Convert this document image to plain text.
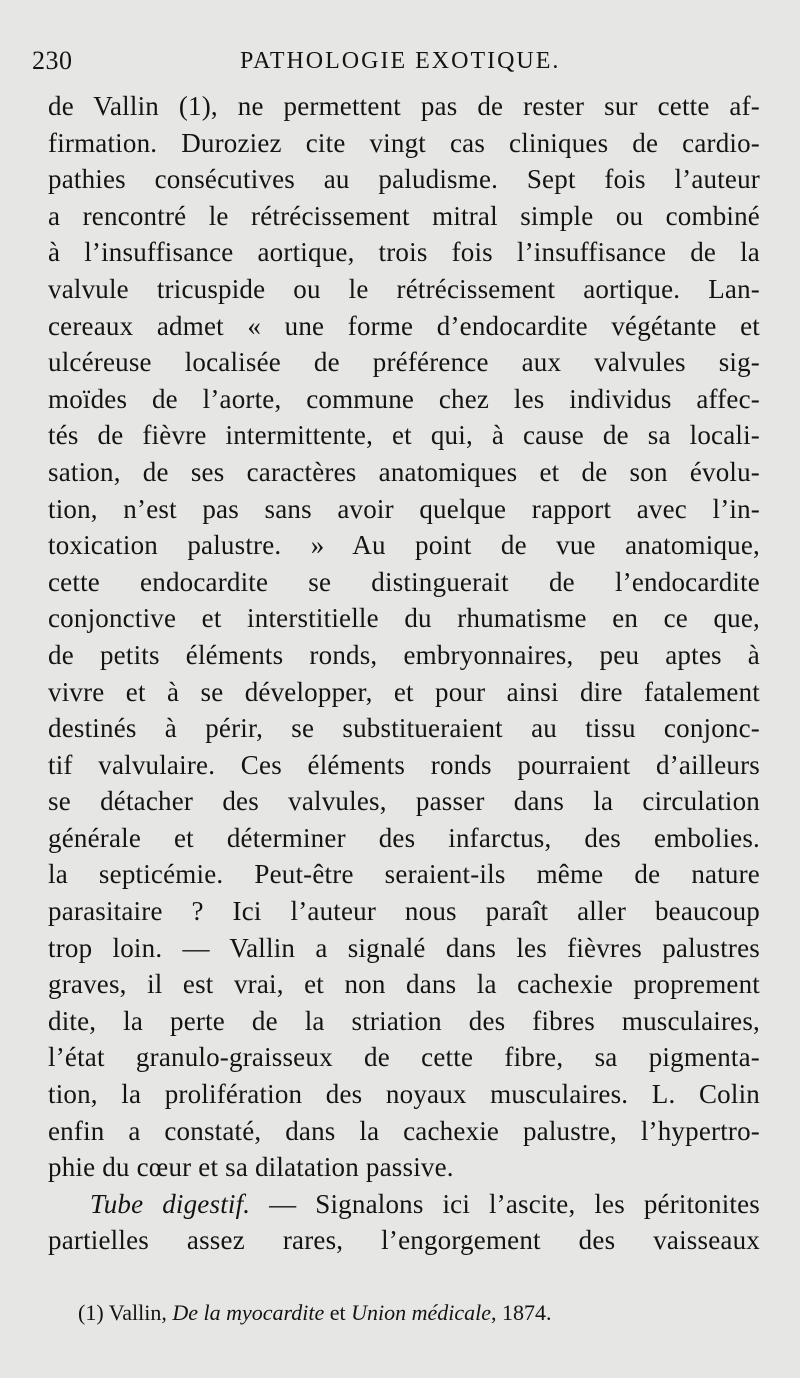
230	PATHOLOGIE EXOTIQUE.
de Vallin (1), ne permettent pas de rester sur cette af-
firmation. Duroziez cite vingt cas cliniques de cardio-
pathies consécutives au paludisme. Sept fois l’auteur
a rencontré le rétrécissement mitral simple ou combiné
à l’insuffisance aortique, trois fois l’insuffisance de la
valvule tricuspide ou le rétrécissement aortique. Lan-
cereaux admet « une forme d’endocardite végétante et
ulcéreuse localisée de préférence aux valvules sig-
moïdes de l’aorte, commune chez les individus affec-
tés de fièvre intermittente, et qui, à cause de sa locali-
sation, de ses caractères anatomiques et de son évolu-
tion, n’est pas sans avoir quelque rapport avec l’in-
toxication palustre. » Au point de vue anatomique,
cette endocardite se distinguerait de l’endocardite
conjonctive et interstitielle du rhumatisme en ce que,
de petits éléments ronds, embryonnaires, peu aptes à
vivre et à se développer, et pour ainsi dire fatalement
destinés à périr, se substitueraient au tissu conjonc-
tif valvulaire. Ces éléments ronds pourraient d’ailleurs
se détacher des valvules, passer dans la circulation
générale et déterminer des infarctus, des embolies.
la septicémie. Peut-être seraient-ils même de nature
parasitaire ? Ici l’auteur nous paraît aller beaucoup
trop loin. — Vallin a signalé dans les fièvres palustres
graves, il est vrai, et non dans la cachexie proprement
dite, la perte de la striation des fibres musculaires,
l’état granulo-graisseux de cette fibre, sa pigmenta-
tion, la prolifération des noyaux musculaires. L. Colin
enfin a constaté, dans la cachexie palustre, l’hypertro-
phie du cœur et sa dilatation passive.
Tube digestif. — Signalons ici l’ascite, les péritonites
partielles assez rares, l’engorgement des vaisseaux
(1) Vallin, De la myocardite et Union médicale, 1874.
